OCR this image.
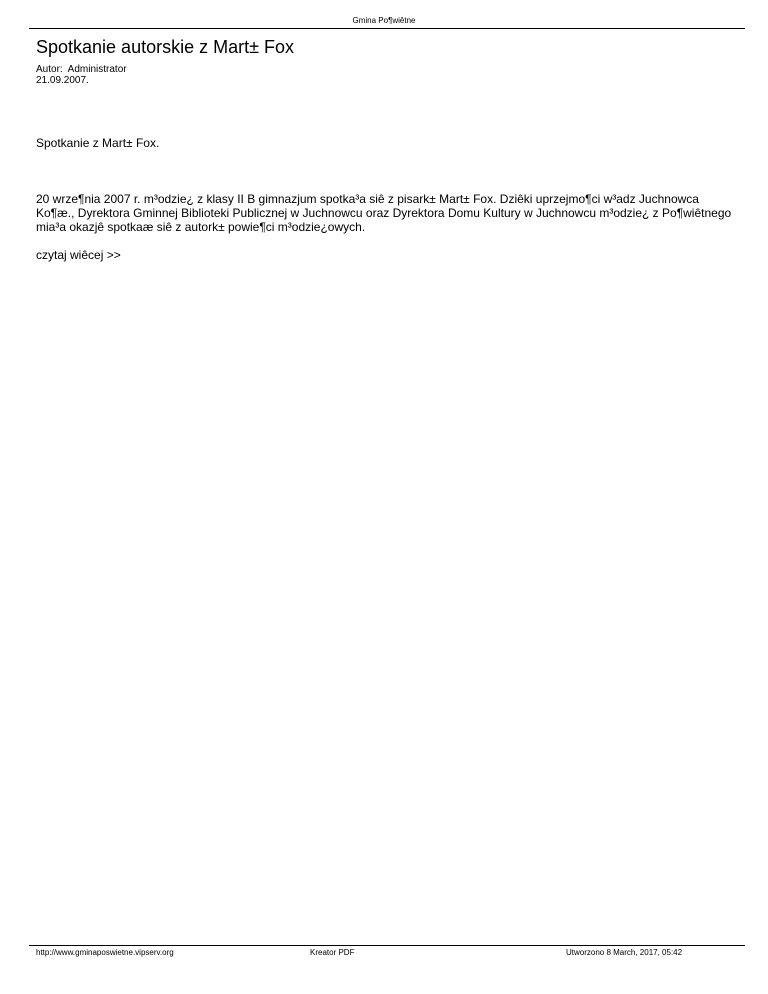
Gmina Po¶wiêtne
Spotkanie autorskie z Mart± Fox
Autor:  Administrator
21.09.2007.

Spotkanie z Mart± Fox.

20 wrze¶nia 2007 r. m³odzie¿ z klasy II B gimnazjum spotka³a siê z pisark± Mart± Fox. Dziêki uprzejmo¶ci w³adz Juchnowca Ko¶æ., Dyrektora Gminnej Biblioteki Publicznej w Juchnowcu oraz Dyrektora Domu Kultury w Juchnowcu m³odzie¿ z Po¶wiêtnego mia³a okazjê spotkaæ siê z autork± powie¶ci m³odzie¿owych.

czytaj wiêcej >>
http://www.gminaposwietne.vipserv.org	Kreator PDF	Utworzono 8 March, 2017, 05:42
